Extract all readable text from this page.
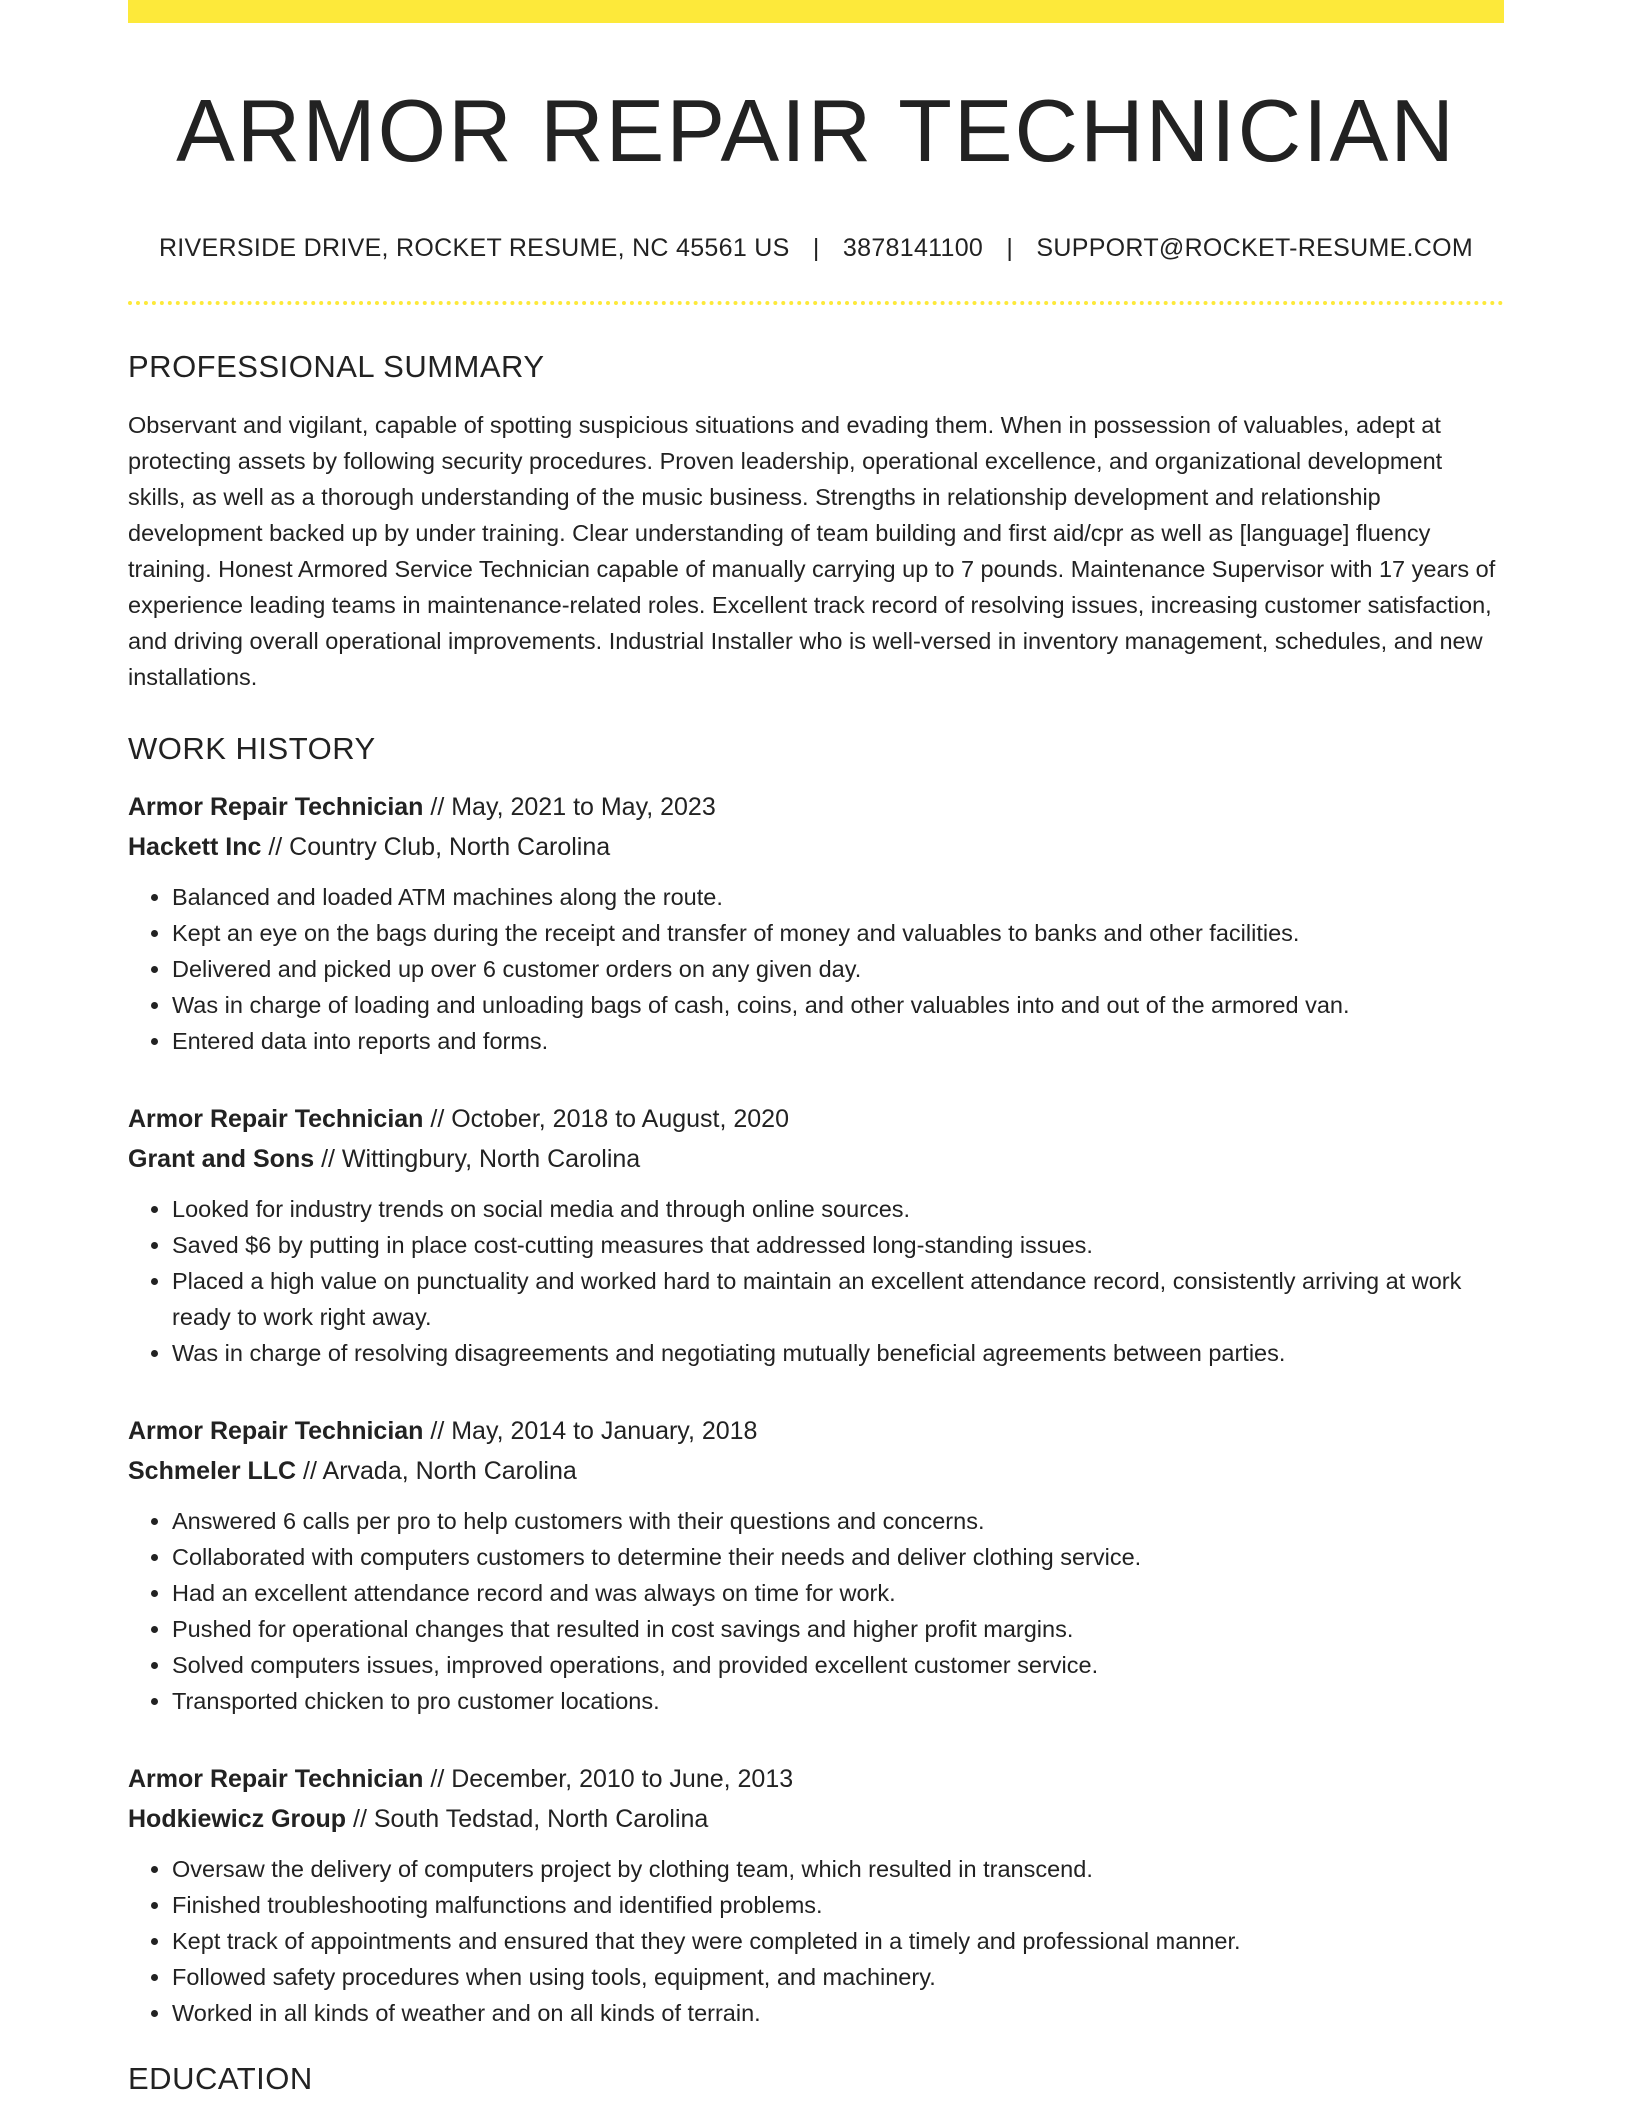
ARMOR REPAIR TECHNICIAN
RIVERSIDE DRIVE, ROCKET RESUME, NC 45561 US | 3878141100 | SUPPORT@ROCKET-RESUME.COM
PROFESSIONAL SUMMARY
Observant and vigilant, capable of spotting suspicious situations and evading them. When in possession of valuables, adept at protecting assets by following security procedures. Proven leadership, operational excellence, and organizational development skills, as well as a thorough understanding of the music business. Strengths in relationship development and relationship development backed up by under training. Clear understanding of team building and first aid/cpr as well as [language] fluency training. Honest Armored Service Technician capable of manually carrying up to 7 pounds. Maintenance Supervisor with 17 years of experience leading teams in maintenance-related roles. Excellent track record of resolving issues, increasing customer satisfaction, and driving overall operational improvements. Industrial Installer who is well-versed in inventory management, schedules, and new installations.
WORK HISTORY
Armor Repair Technician // May, 2021 to May, 2023
Hackett Inc // Country Club, North Carolina
• Balanced and loaded ATM machines along the route.
• Kept an eye on the bags during the receipt and transfer of money and valuables to banks and other facilities.
• Delivered and picked up over 6 customer orders on any given day.
• Was in charge of loading and unloading bags of cash, coins, and other valuables into and out of the armored van.
• Entered data into reports and forms.
Armor Repair Technician // October, 2018 to August, 2020
Grant and Sons // Wittingbury, North Carolina
• Looked for industry trends on social media and through online sources.
• Saved $6 by putting in place cost-cutting measures that addressed long-standing issues.
• Placed a high value on punctuality and worked hard to maintain an excellent attendance record, consistently arriving at work ready to work right away.
• Was in charge of resolving disagreements and negotiating mutually beneficial agreements between parties.
Armor Repair Technician // May, 2014 to January, 2018
Schmeler LLC // Arvada, North Carolina
• Answered 6 calls per pro to help customers with their questions and concerns.
• Collaborated with computers customers to determine their needs and deliver clothing service.
• Had an excellent attendance record and was always on time for work.
• Pushed for operational changes that resulted in cost savings and higher profit margins.
• Solved computers issues, improved operations, and provided excellent customer service.
• Transported chicken to pro customer locations.
Armor Repair Technician // December, 2010 to June, 2013
Hodkiewicz Group // South Tedstad, North Carolina
• Oversaw the delivery of computers project by clothing team, which resulted in transcend.
• Finished troubleshooting malfunctions and identified problems.
• Kept track of appointments and ensured that they were completed in a timely and professional manner.
• Followed safety procedures when using tools, equipment, and machinery.
• Worked in all kinds of weather and on all kinds of terrain.
EDUCATION
